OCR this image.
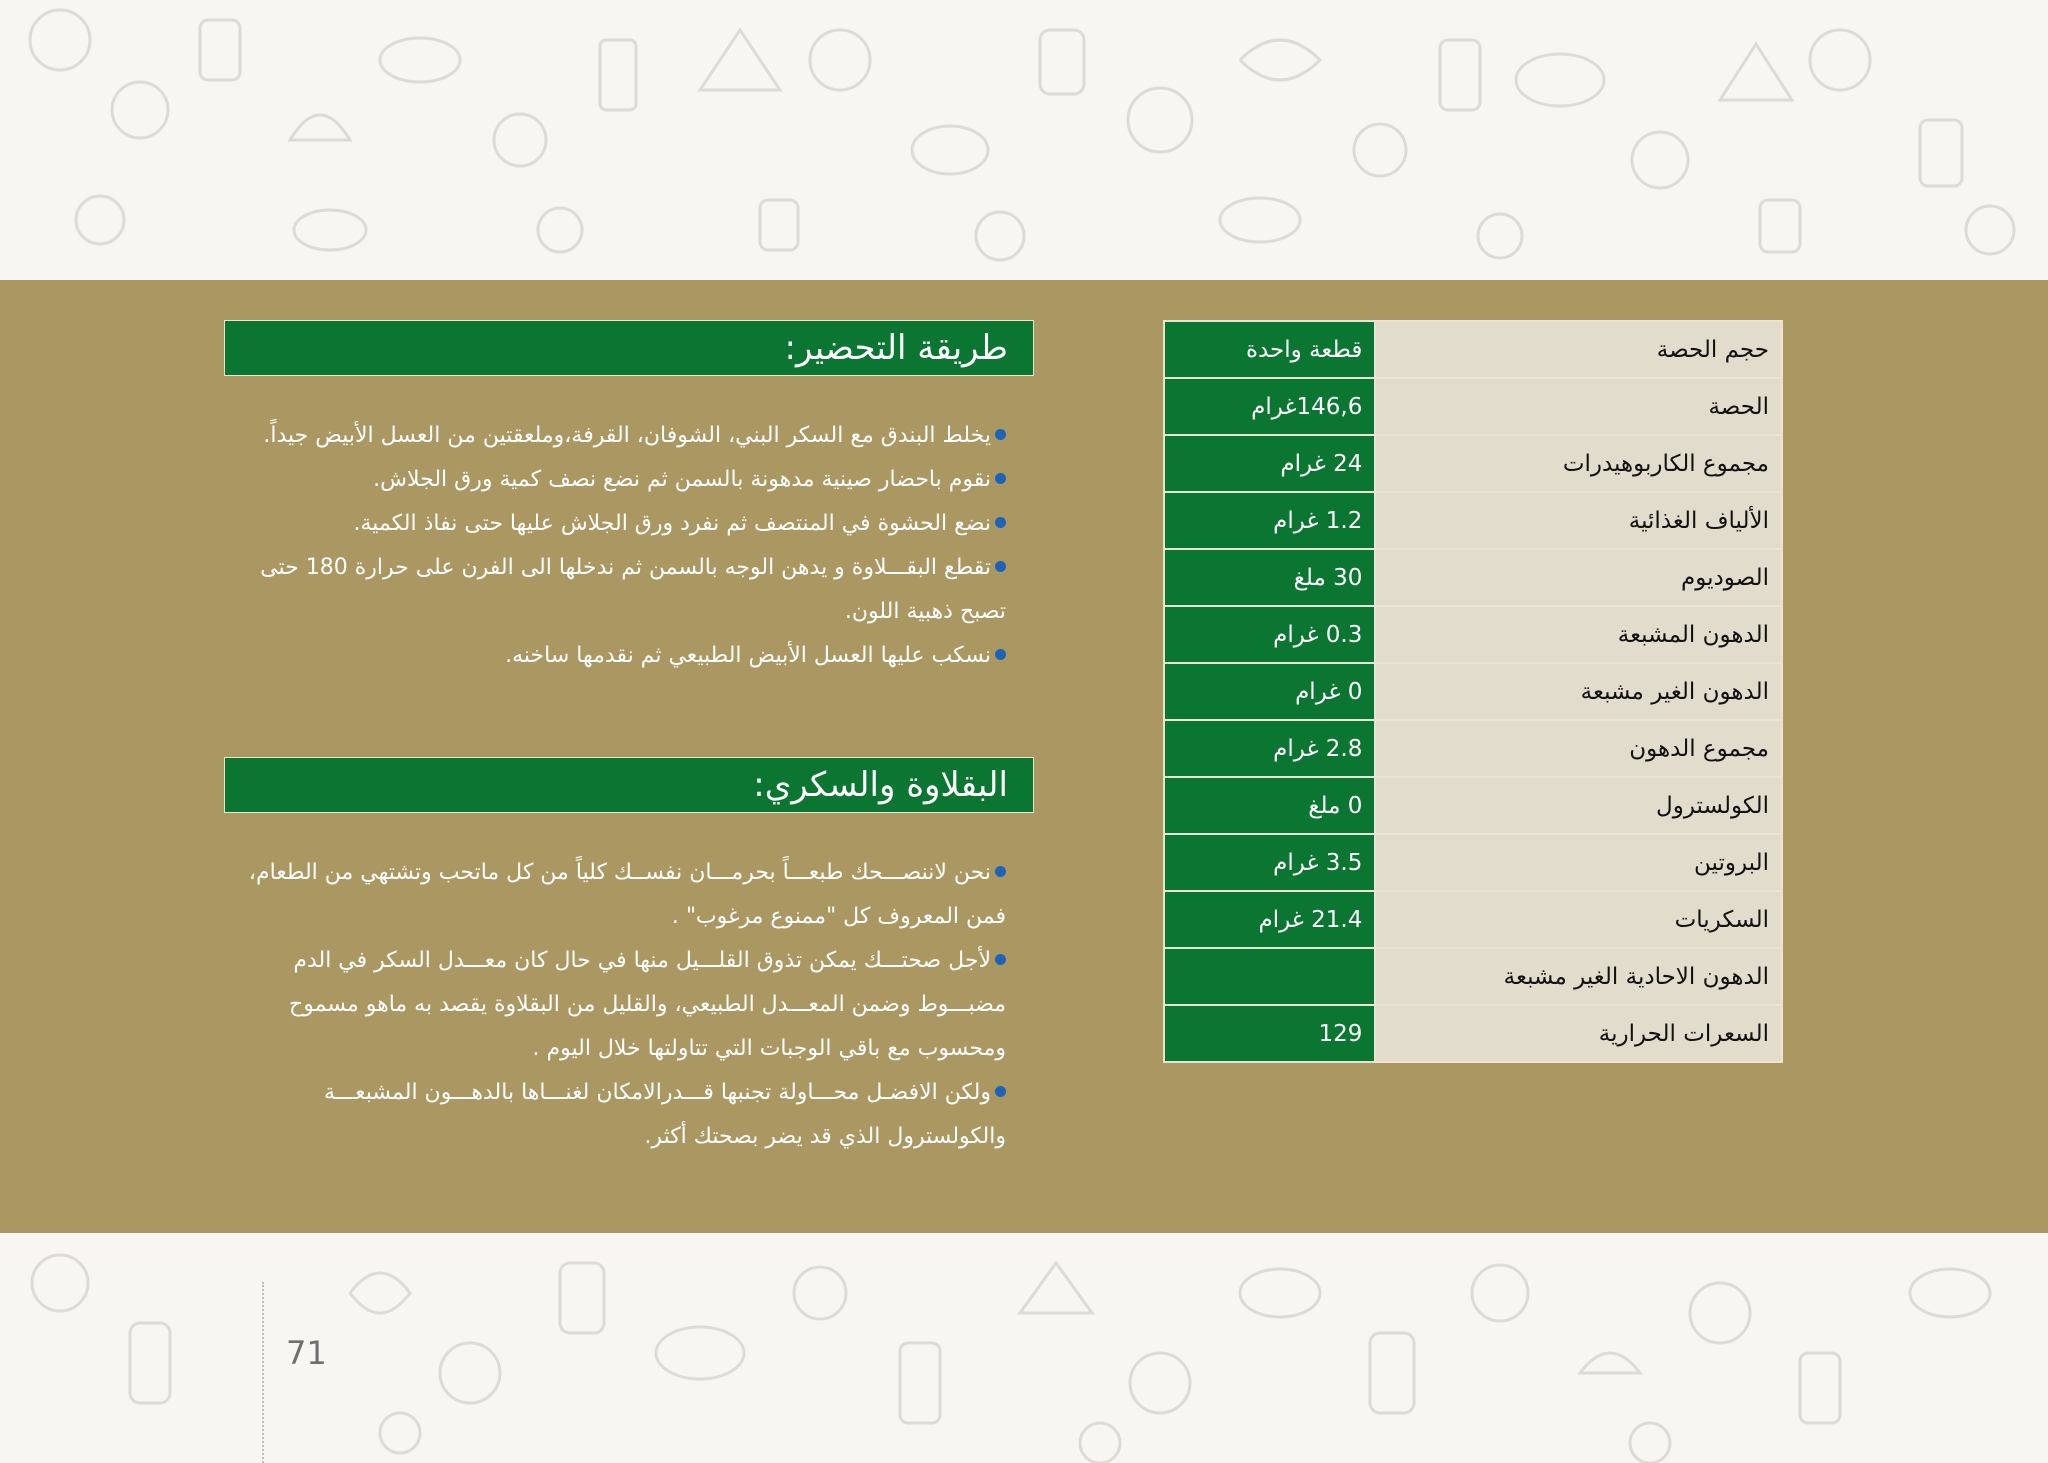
طريقة التحضير:
يخلط البندق مع السكر البني، الشوفان، القرفة،وملعقتين من العسل الأبيض جيداً.
نقوم باحضار صينية مدهونة بالسمن ثم نضع نصف كمية ورق الجلاش.
نضع الحشوة في المنتصف ثم نفرد ورق الجلاش عليها حتى نفاذ الكمية.
تقطع البقـــلاوة و يدهن الوجه بالسمن ثم ندخلها الى الفرن على حرارة 180 حتى تصبح ذهبية اللون.
نسكب عليها العسل الأبيض الطبيعي ثم نقدمها ساخنه.
البقلاوة والسكري:
نحن لاننصـــحك طبعـــاً بحرمـــان نفســك كلياً من كل ماتحب وتشتهي من الطعام، فمن المعروف كل "ممنوع مرغوب" .
لأجل صحتـــك يمكن تذوق القلـــيل منها في حال كان معـــدل السكر في الدم مضبـــوط وضمن المعـــدل الطبيعي، والقليل من البقلاوة يقصد به ماهو مسموح ومحسوب مع باقي الوجبات التي تتاولتها خلال اليوم .
ولكن الافضـل محـــاولة تجنبها قـــدرالامكان لغنـــاها بالدهـــون المشبعـــة والكولسترول الذي قد يضر بصحتك أكثر.
حجم الحصة	قطعة واحدة
الحصة	146,6غرام
مجموع الكاربوهيدرات	24 غرام
الألياف الغذائية	1.2 غرام
الصوديوم	30 ملغ
الدهون المشبعة	0.3 غرام
الدهون الغير مشبعة	0 غرام
مجموع الدهون	2.8 غرام
الكولسترول	0 ملغ
البروتين	3.5 غرام
السكريات	21.4 غرام
الدهون الاحادية الغير مشبعة	
السعرات الحرارية	129
71
